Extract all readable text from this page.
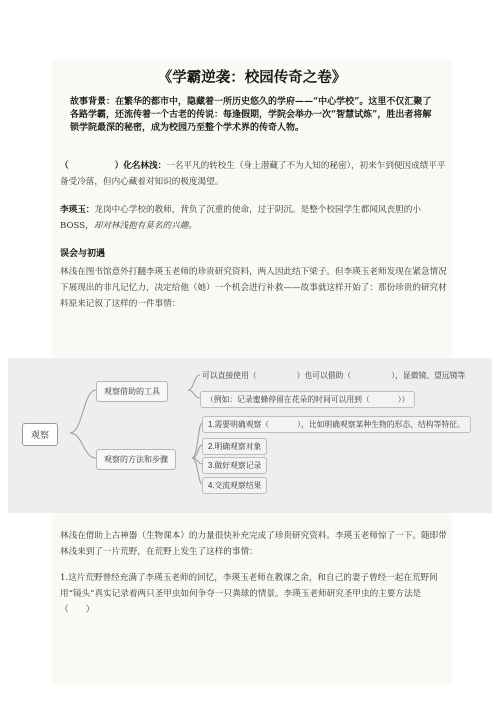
《学霸逆袭：校园传奇之卷》
故事背景：在繁华的都市中，隐藏着一所历史悠久的学府——“中心学校”。这里不仅汇聚了各路学霸，还流传着一个古老的传说：每逢假期，学院会举办一次“智慧试炼”，胜出者将解锁学院最深的秘密，成为校园乃至整个学术界的传奇人物。
（	）化名林浅：一名平凡的转校生（身上潜藏了不为人知的秘密），初来乍到便因成绩平平备受冷落，但内心藏着对知识的极度渴望。
李瑛玉：龙岗中心学校的教师，背负了沉重的使命，过于阴沉。是整个校园学生都闻风丧胆的小 BOSS，却对林浅抱有莫名的兴趣。
误会与初遇
林浅在图书馆意外打翻李瑛玉老师的珍贵研究资料，两人因此结下梁子。但李瑛玉老师发现在紧急情况下展现出的非凡记忆力，决定给他（她）一个机会进行补救——故事就这样开始了：那份珍贵的研究材料原来记叙了这样的一件事情：
观察
观察借助的工具
观察的方法和步骤
可以直接使用（	）也可以借助（	），显微镜、望远镜等
（例如：记录蜜蜂停留在花朵的时间可以用到（	））
1.需要明确观察（	），比如明确观察某种生物的形态、结构等特征。
2.明确观察对象
3.做好观察记录
4.交流观察结果
林浅在借助上古神器（生物课本）的力量很快补充完成了珍贵研究资料。李瑛玉老师惊了一下。随即带林浅来到了一片荒野，在荒野上发生了这样的事情：
1.这片荒野曾经充满了李瑛玉老师的回忆，李瑛玉老师在教课之余，和自己的妻子曾经一起在荒野间用“镜头”真实记录着两只圣甲虫如何争夺一只粪球的情景。李瑛玉老师研究圣甲虫的主要方法是（　　）
